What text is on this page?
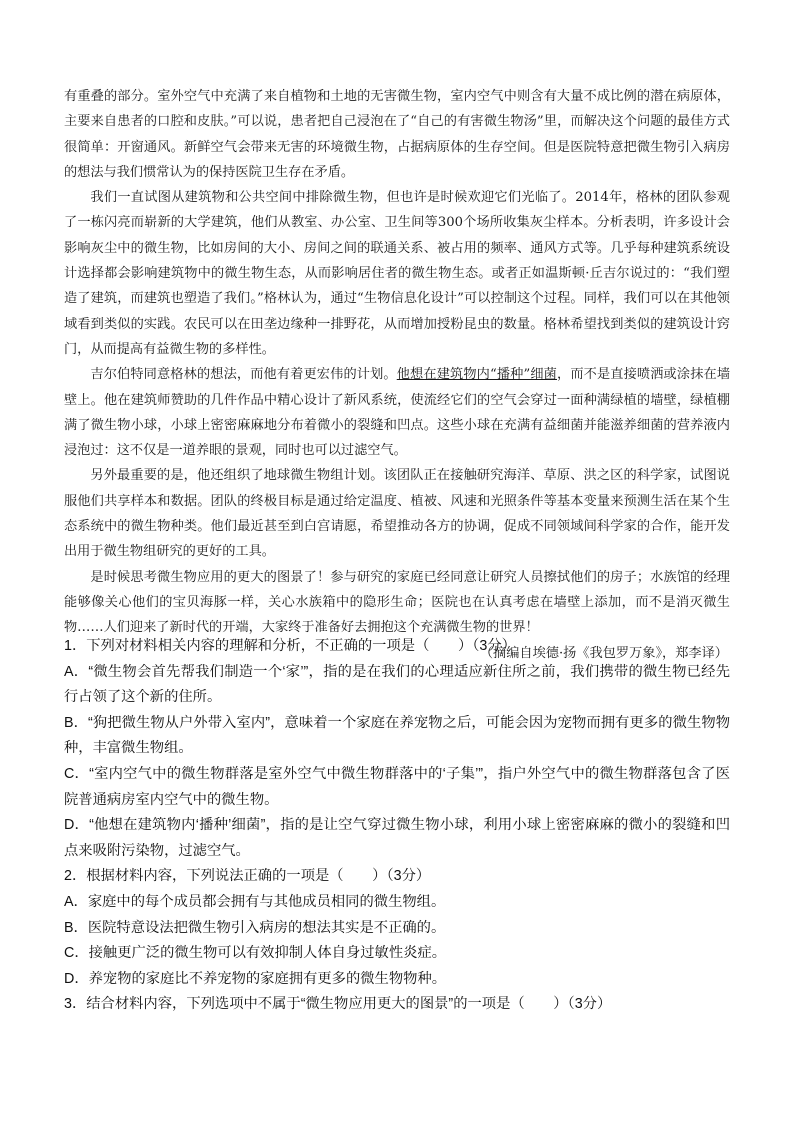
有重叠的部分。室外空气中充满了来自植物和土地的无害微生物，室内空气中则含有大量不成比例的潜在病原体，主要来自患者的口腔和皮肤。”可以说，患者把自己浸泡在了“自己的有害微生物汤”里，而解决这个问题的最佳方式很简单：开窗通风。新鲜空气会带来无害的环境微生物，占据病原体的生存空间。但是医院特意把微生物引入病房的想法与我们惯常认为的保持医院卫生存在矛盾。

我们一直试图从建筑物和公共空间中排除微生物，但也许是时候欢迎它们光临了。2014年，格林的团队参观了一栋闪亮而崭新的大学建筑，他们从教室、办公室、卫生间等300个场所收集灰尘样本。分析表明，许多设计会影响灰尘中的微生物，比如房间的大小、房间之间的联通关系、被占用的频率、通风方式等。几乎每种建筑系统设计选择都会影响建筑物中的微生物生态，从而影响居住者的微生物生态。或者正如温斯顿·丘吉尔说过的：“我们塑造了建筑，而建筑也塑造了我们。”格林认为，通过“生物信息化设计”可以控制这个过程。同样，我们可以在其他领域看到类似的实践。农民可以在田垄边缘种一排野花，从而增加授粉昆虫的数量。格林希望找到类似的建筑设计窍门，从而提高有益微生物的多样性。

吉尔伯特同意格林的想法，而他有着更宏伟的计划。他想在建筑物内“播种”细菌，而不是直接喷洒或涂抹在墙壁上。他在建筑师赞助的几件作品中精心设计了新风系统，使流经它们的空气会穿过一面种满绿植的墙壁，绿植棚满了微生物小球，小球上密密麻麻地分布着微小的裂缝和凹点。这些小球在充满有益细菌并能滋养细菌的营养液内浸泡过：这不仅是一道养眼的景观，同时也可以过滤空气。

另外最重要的是，他还组织了地球微生物组计划。该团队正在接触研究海洋、草原、洪之区的科学家，试图说服他们共享样本和数据。团队的终极目标是通过给定温度、植被、风速和光照条件等基本变量来预测生活在某个生态系统中的微生物种类。他们最近甚至到白宫请愿，希望推动各方的协调，促成不同领域间科学家的合作，能开发出用于微生物组研究的更好的工具。

是时候思考微生物应用的更大的图景了！参与研究的家庭已经同意让研究人员擦拭他们的房子；水族馆的经理能够像关心他们的宝贝海豚一样，关心水族箱中的隐形生命；医院也在认真考虑在墙壁上添加，而不是消灭微生物……人们迎来了新时代的开端，大家终于准备好去拥抱这个充满微生物的世界！

（摘编自埃德·扬《我包罗万象》，郑李译）

1．下列对材料相关内容的理解和分析，不正确的一项是（　　）（3分）

A．“微生物会首先帮我们制造一个‘家’”，指的是在我们的心理适应新住所之前，我们携带的微生物已经先行占领了这个新的住所。

B．“狗把微生物从户外带入室内”，意味着一个家庭在养宠物之后，可能会因为宠物而拥有更多的微生物物种，丰富微生物组。

C．“室内空气中的微生物群落是室外空气中微生物群落中的‘子集’”，指户外空气中的微生物群落包含了医院普通病房室内空气中的微生物。

D．“他想在建筑物内‘播种’细菌”，指的是让空气穿过微生物小球，利用小球上密密麻麻的微小的裂缝和凹点来吸附污染物，过滤空气。

2．根据材料内容，下列说法正确的一项是（　　）（3分）

A．家庭中的每个成员都会拥有与其他成员相同的微生物组。

B．医院特意设法把微生物引入病房的想法其实是不正确的。

C．接触更广泛的微生物可以有效抑制人体自身过敏性炎症。

D．养宠物的家庭比不养宠物的家庭拥有更多的微生物物种。

3．结合材料内容，下列选项中不属于“微生物应用更大的图景”的一项是（　　）（3分）
